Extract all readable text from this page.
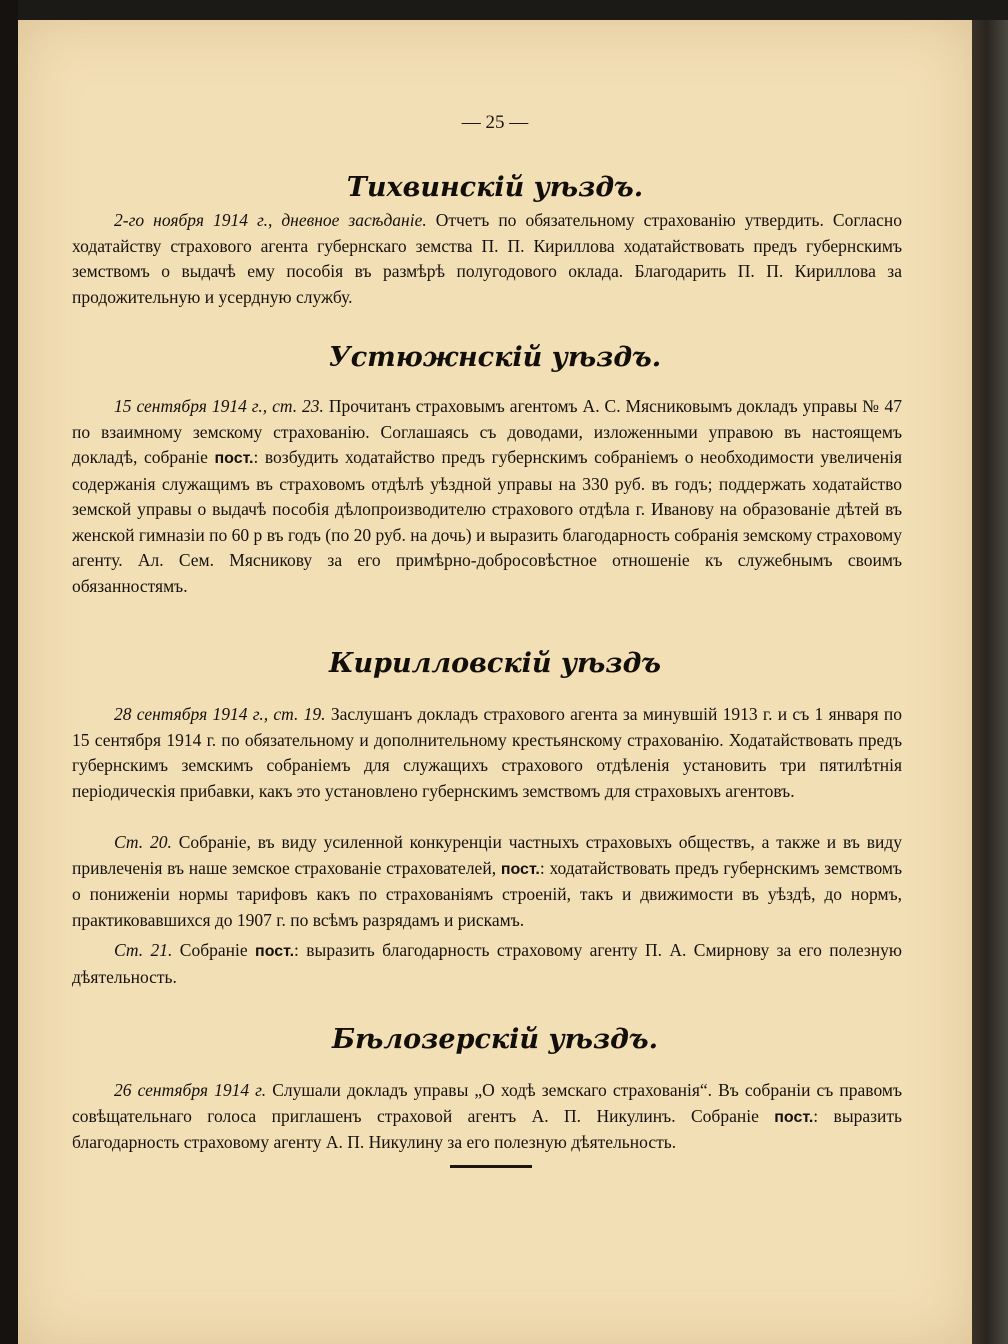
— 25 —
Тихвинскій уѣздъ.
2-го ноября 1914 г., дневное засѣданіе. Отчетъ по обязательному страхованію утвердить. Согласно ходатайству страхового агента губернскаго земства П. П. Кириллова ходатайствовать предъ губернскимъ земствомъ о выдачѣ ему пособія въ размѣрѣ полугодового оклада. Благодарить П. П. Кириллова за продожительную и усердную службу.
Устюжнскій уѣздъ.
15 сентября 1914 г., ст. 23. Прочитанъ страховымъ агентомъ А. С. Мясниковымъ докладъ управы № 47 по взаимному земскому страхованію. Соглашаясь съ доводами, изложенными управою въ настоящемъ докладѣ, собраніе пост.: возбудить ходатайство предъ губернскимъ собраніемъ о необходимости увеличенія содержанія служащимъ въ страховомъ отдѣлѣ уѣздной управы на 330 руб. въ годъ; поддержать ходатайство земской управы о выдачѣ пособія дѣлопроизводителю страхового отдѣла г. Иванову на образованіе дѣтей въ женской гимназіи по 60 р въ годъ (по 20 руб. на дочь) и выразить благодарность собранія земскому страховому агенту. Ал. Сем. Мясникову за его примѣрно-добросовѣстное отношеніе къ служебнымъ своимъ обязанностямъ.
Кирилловскій уѣздъ
28 сентября 1914 г., ст. 19. Заслушанъ докладъ страхового агента за минувшій 1913 г. и съ 1 января по 15 сентября 1914 г. по обязательному и дополнительному крестьянскому страхованію. Ходатайствовать предъ губернскимъ земскимъ собраніемъ для служащихъ страхового отдѣленія установить три пятилѣтнія періодическія прибавки, какъ это установлено губернскимъ земствомъ для страховыхъ агентовъ.
Ст. 20. Собраніе, въ виду усиленной конкуренціи частныхъ страховыхъ обществъ, а также и въ виду привлеченія въ наше земское страхованіе страхователей, пост.: ходатайствовать предъ губернскимъ земствомъ о пониженіи нормы тарифовъ какъ по страхованіямъ строеній, такъ и движимости въ уѣздѣ, до нормъ, практиковавшихся до 1907 г. по всѣмъ разрядамъ и рискамъ.
Ст. 21. Собраніе пост.: выразить благодарность страховому агенту П. А. Смирнову за его полезную дѣятельность.
Бѣлозерскій уѣздъ.
26 сентября 1914 г. Слушали докладъ управы „О ходѣ земскаго страхованія“. Въ собраніи съ правомъ совѣщательнаго голоса приглашенъ страховой агентъ А. П. Никулинъ. Собраніе пост.: выразить благодарность страховому агенту А. П. Никулину за его полезную дѣятельность.
